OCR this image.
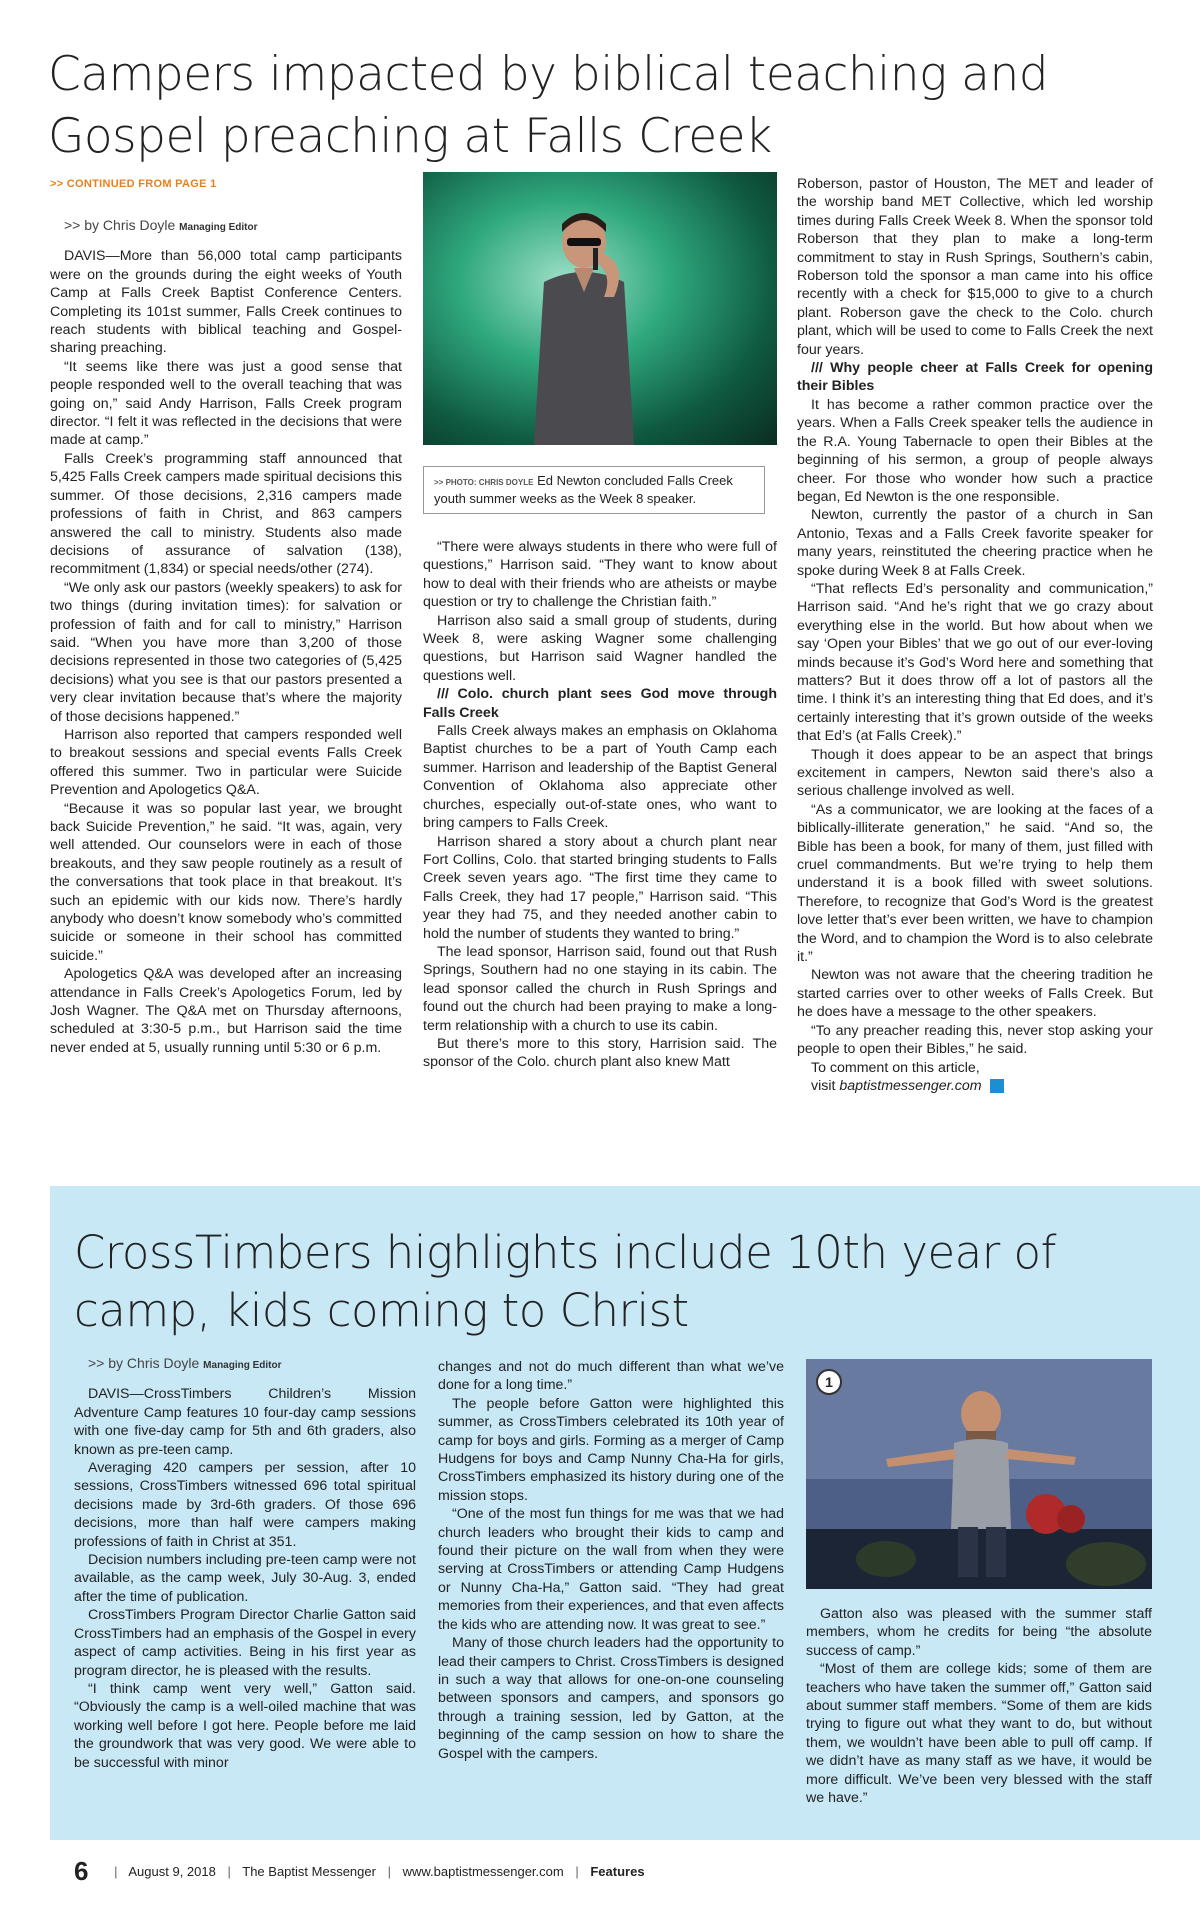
Campers impacted by biblical teaching and Gospel preaching at Falls Creek
>> CONTINUED FROM PAGE 1
>> by Chris Doyle Managing Editor

DAVIS—More than 56,000 total camp participants were on the grounds during the eight weeks of Youth Camp at Falls Creek Baptist Conference Centers. Completing its 101st summer, Falls Creek continues to reach students with biblical teaching and Gospel-sharing preaching.

“It seems like there was just a good sense that people responded well to the overall teaching that was going on,” said Andy Harrison, Falls Creek program director. “I felt it was reflected in the decisions that were made at camp.”

Falls Creek’s programming staff announced that 5,425 Falls Creek campers made spiritual decisions this summer. Of those decisions, 2,316 campers made professions of faith in Christ, and 863 campers answered the call to ministry. Students also made decisions of assurance of salvation (138), recommitment (1,834) or special needs/other (274).

“We only ask our pastors (weekly speakers) to ask for two things (during invitation times): for salvation or profession of faith and for call to ministry,” Harrison said. “When you have more than 3,200 of those decisions represented in those two categories of (5,425 decisions) what you see is that our pastors presented a very clear invitation because that’s where the majority of those decisions happened.”

Harrison also reported that campers responded well to breakout sessions and special events Falls Creek offered this summer. Two in particular were Suicide Prevention and Apologetics Q&A.

“Because it was so popular last year, we brought back Suicide Prevention,” he said. “It was, again, very well attended. Our counselors were in each of those breakouts, and they saw people routinely as a result of the conversations that took place in that breakout. It’s such an epidemic with our kids now. There’s hardly anybody who doesn’t know somebody who’s committed suicide or someone in their school has committed suicide.”

Apologetics Q&A was developed after an increasing attendance in Falls Creek’s Apologetics Forum, led by Josh Wagner. The Q&A met on Thursday afternoons, scheduled at 3:30-5 p.m., but Harrison said the time never ended at 5, usually running until 5:30 or 6 p.m.

>> PHOTO: CHRIS DOYLE Ed Newton concluded Falls Creek youth summer weeks as the Week 8 speaker.

“There were always students in there who were full of questions,” Harrison said. “They want to know about how to deal with their friends who are atheists or maybe question or try to challenge the Christian faith.”

Harrison also said a small group of students, during Week 8, were asking Wagner some challenging questions, but Harrison said Wagner handled the questions well.

/// Colo. church plant sees God move through Falls Creek

Falls Creek always makes an emphasis on Oklahoma Baptist churches to be a part of Youth Camp each summer. Harrison and leadership of the Baptist General Convention of Oklahoma also appreciate other churches, especially out-of-state ones, who want to bring campers to Falls Creek.

Harrison shared a story about a church plant near Fort Collins, Colo. that started bringing students to Falls Creek seven years ago. “The first time they came to Falls Creek, they had 17 people,” Harrison said. “This year they had 75, and they needed another cabin to hold the number of students they wanted to bring.”

The lead sponsor, Harrison said, found out that Rush Springs, Southern had no one staying in its cabin. The lead sponsor called the church in Rush Springs and found out the church had been praying to make a long-term relationship with a church to use its cabin.

But there’s more to this story, Harrision said. The sponsor of the Colo. church plant also knew Matt

Roberson, pastor of Houston, The MET and leader of the worship band MET Collective, which led worship times during Falls Creek Week 8. When the sponsor told Roberson that they plan to make a long-term commitment to stay in Rush Springs, Southern’s cabin, Roberson told the sponsor a man came into his office recently with a check for $15,000 to give to a church plant. Roberson gave the check to the Colo. church plant, which will be used to come to Falls Creek the next four years.

/// Why people cheer at Falls Creek for opening their Bibles

It has become a rather common practice over the years. When a Falls Creek speaker tells the audience in the R.A. Young Tabernacle to open their Bibles at the beginning of his sermon, a group of people always cheer. For those who wonder how such a practice began, Ed Newton is the one responsible.

Newton, currently the pastor of a church in San Antonio, Texas and a Falls Creek favorite speaker for many years, reinstituted the cheering practice when he spoke during Week 8 at Falls Creek.

“That reflects Ed’s personality and communication,” Harrison said. “And he’s right that we go crazy about everything else in the world. But how about when we say ‘Open your Bibles’ that we go out of our ever-loving minds because it’s God’s Word here and something that matters? But it does throw off a lot of pastors all the time. I think it’s an interesting thing that Ed does, and it’s certainly interesting that it’s grown outside of the weeks that Ed’s (at Falls Creek).”

Though it does appear to be an aspect that brings excitement in campers, Newton said there’s also a serious challenge involved as well.

“As a communicator, we are looking at the faces of a biblically-illiterate generation,” he said. “And so, the Bible has been a book, for many of them, just filled with cruel commandments. But we’re trying to help them understand it is a book filled with sweet solutions. Therefore, to recognize that God’s Word is the greatest love letter that’s ever been written, we have to champion the Word, and to champion the Word is to also celebrate it.”

Newton was not aware that the cheering tradition he started carries over to other weeks of Falls Creek. But he does have a message to the other speakers.

“To any preacher reading this, never stop asking your people to open their Bibles,” he said.

To comment on this article,

visit baptistmessenger.com m

CrossTimbers highlights include 10th year of camp, kids coming to Christ
>> by Chris Doyle Managing Editor

DAVIS—CrossTimbers Children’s Mission Adventure Camp features 10 four-day camp sessions with one five-day camp for 5th and 6th graders, also known as pre-teen camp.

Averaging 420 campers per session, after 10 sessions, CrossTimbers witnessed 696 total spiritual decisions made by 3rd-6th graders. Of those 696 decisions, more than half were campers making professions of faith in Christ at 351.

Decision numbers including pre-teen camp were not available, as the camp week, July 30-Aug. 3, ended after the time of publication.

CrossTimbers Program Director Charlie Gatton said CrossTimbers had an emphasis of the Gospel in every aspect of camp activities. Being in his first year as program director, he is pleased with the results.

“I think camp went very well,” Gatton said. “Obviously the camp is a well-oiled machine that was working well before I got here. People before me laid the groundwork that was very good. We were able to be successful with minor

changes and not do much different than what we’ve done for a long time.”

The people before Gatton were highlighted this summer, as CrossTimbers celebrated its 10th year of camp for boys and girls. Forming as a merger of Camp Hudgens for boys and Camp Nunny Cha-Ha for girls, CrossTimbers emphasized its history during one of the mission stops.

“One of the most fun things for me was that we had church leaders who brought their kids to camp and found their picture on the wall from when they were serving at CrossTimbers or attending Camp Hudgens or Nunny Cha-Ha,” Gatton said. “They had great memories from their experiences, and that even affects the kids who are attending now. It was great to see.”

Many of those church leaders had the opportunity to lead their campers to Christ. CrossTimbers is designed in such a way that allows for one-on-one counseling between sponsors and campers, and sponsors go through a training session, led by Gatton, at the beginning of the camp session on how to share the Gospel with the campers.

1

Gatton also was pleased with the summer staff members, whom he credits for being “the absolute success of camp.”

“Most of them are college kids; some of them are teachers who have taken the summer off,” Gatton said about summer staff members. “Some of them are kids trying to figure out what they want to do, but without them, we wouldn’t have been able to pull off camp. If we didn’t have as many staff as we have, it would be more difficult. We’ve been very blessed with the staff we have.”

6 | August 9, 2018 | The Baptist Messenger | www.baptistmessenger.com | Features
